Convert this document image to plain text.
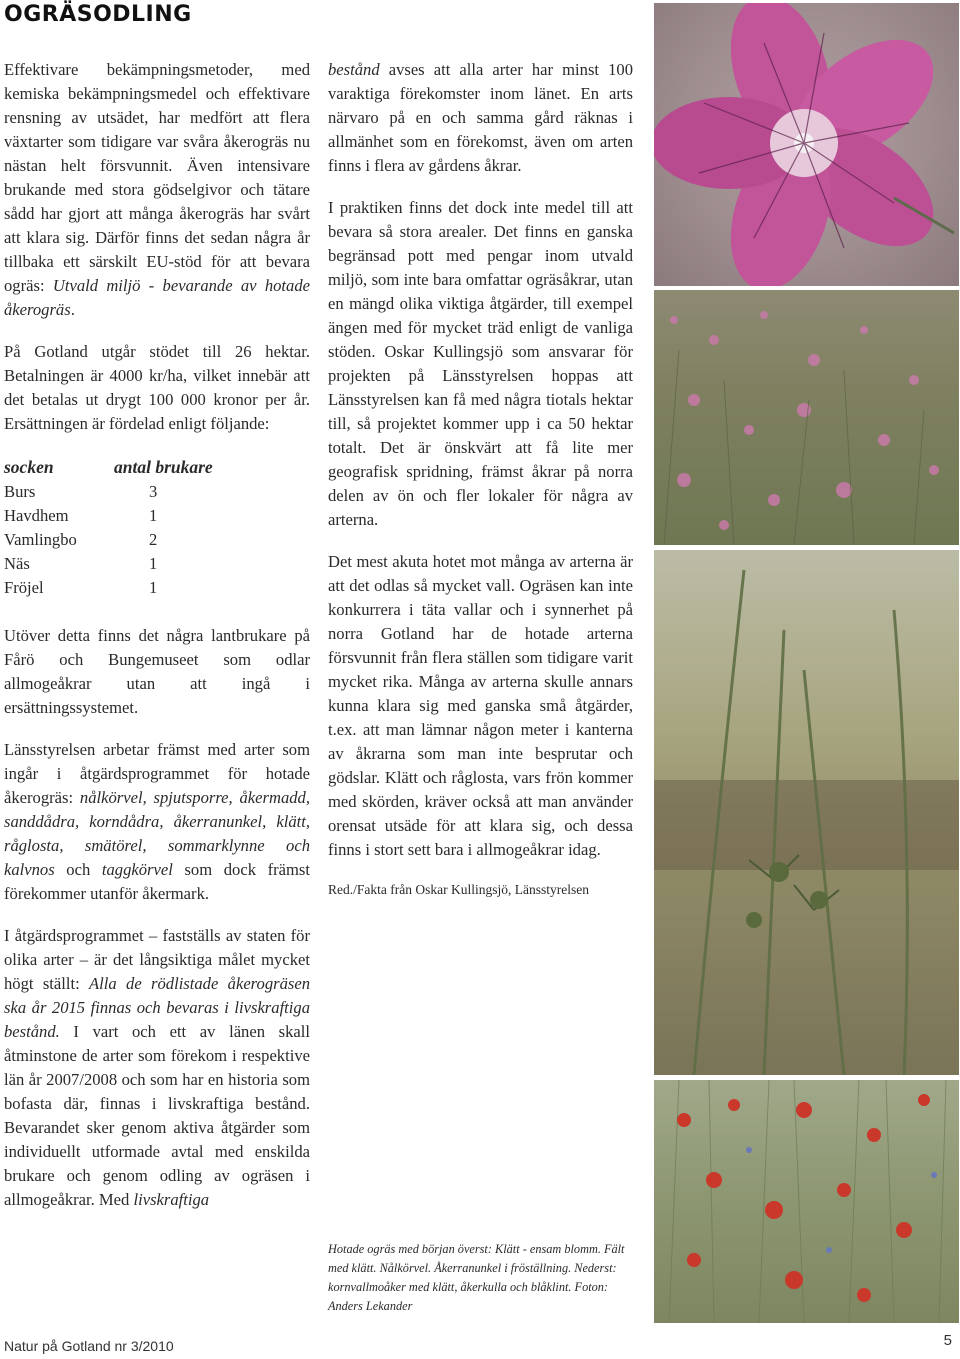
OGRÄSODLING

Effektivare bekämpningsmetoder, med kemiska bekämpningsmedel och effektivare rensning av utsädet, har medfört att flera växtarter som tidigare var svåra åkerogräs nu nästan helt försvunnit. Även intensivare brukande med stora gödselgivor och tätare sådd har gjort att många åkerogräs har svårt att klara sig. Därför finns det sedan några år tillbaka ett särskilt EU-stöd för att bevara ogräs: Utvald miljö - bevarande av hotade åkerogräs.

På Gotland utgår stödet till 26 hektar. Betalningen är 4000 kr/ha, vilket innebär att det betalas ut drygt 100 000 kronor per år. Ersättningen är fördelad enligt följande:

socken	antal brukare
Burs	3
Havdhem	1
Vamlingbo	2
Näs	1
Fröjel	1

Utöver detta finns det några lantbrukare på Fårö och Bungemuseet som odlar allmogeåkrar utan att ingå i ersättningssystemet.

Länsstyrelsen arbetar främst med arter som ingår i åtgärdsprogrammet för hotade åkerogräs: nålkörvel, spjutsporre, åkermadd, sanddådra, korndådra, åkerranunkel, klätt, råglosta, smätörel, sommarklynne och kalvnos och taggkörvel som dock främst förekommer utanför åkermark.

I åtgärdsprogrammet – fastställs av staten för olika arter – är det långsiktiga målet mycket högt ställt: Alla de rödlistade åkerogräsen ska år 2015 finnas och bevaras i livskraftiga bestånd. I vart och ett av länen skall åtminstone de arter som förekom i respektive län år 2007/2008 och som har en historia som bofasta där, finnas i livskraftiga bestånd. Bevarandet sker genom aktiva åtgärder som individuellt utformade avtal med enskilda brukare och genom odling av ogräsen i allmogeåkrar. Med livskraftiga

bestånd avses att alla arter har minst 100 varaktiga förekomster inom länet. En arts närvaro på en och samma gård räknas i allmänhet som en förekomst, även om arten finns i flera av gårdens åkrar.

I praktiken finns det dock inte medel till att bevara så stora arealer. Det finns en ganska begränsad pott med pengar inom utvald miljö, som inte bara omfattar ogräsåkrar, utan en mängd olika viktiga åtgärder, till exempel ängen med för mycket träd enligt de vanliga stöden. Oskar Kullingsjö som ansvarar för projekten på Länsstyrelsen hoppas att Länsstyrelsen kan få med några tiotals hektar till, så projektet kommer upp i ca 50 hektar totalt. Det är önskvärt att få lite mer geografisk spridning, främst åkrar på norra delen av ön och fler lokaler för några av arterna.

Det mest akuta hotet mot många av arterna är att det odlas så mycket vall. Ogräsen kan inte konkurrera i täta vallar och i synnerhet på norra Gotland har de hotade arterna försvunnit från flera ställen som tidigare varit mycket rika. Många av arterna skulle annars kunna klara sig med ganska små åtgärder, t.ex. att man lämnar någon meter i kanterna av åkrarna som man inte besprutar och gödslar. Klätt och råglosta, vars frön kommer med skörden, kräver också att man använder orensat utsäde för att klara sig, och dessa finns i stort sett bara i allmogeåkrar idag.

Red./Fakta från Oskar Kullingsjö, Länsstyrelsen
Hotade ogräs med början överst: Klätt - ensam blomm. Fält med klätt. Nålkörvel. Åkerranunkel i fröställning. Nederst: kornvallmoåker med klätt, åkerkulla och blåklint. Foton: Anders Lekander
Natur på Gotland nr 3/2010	5
